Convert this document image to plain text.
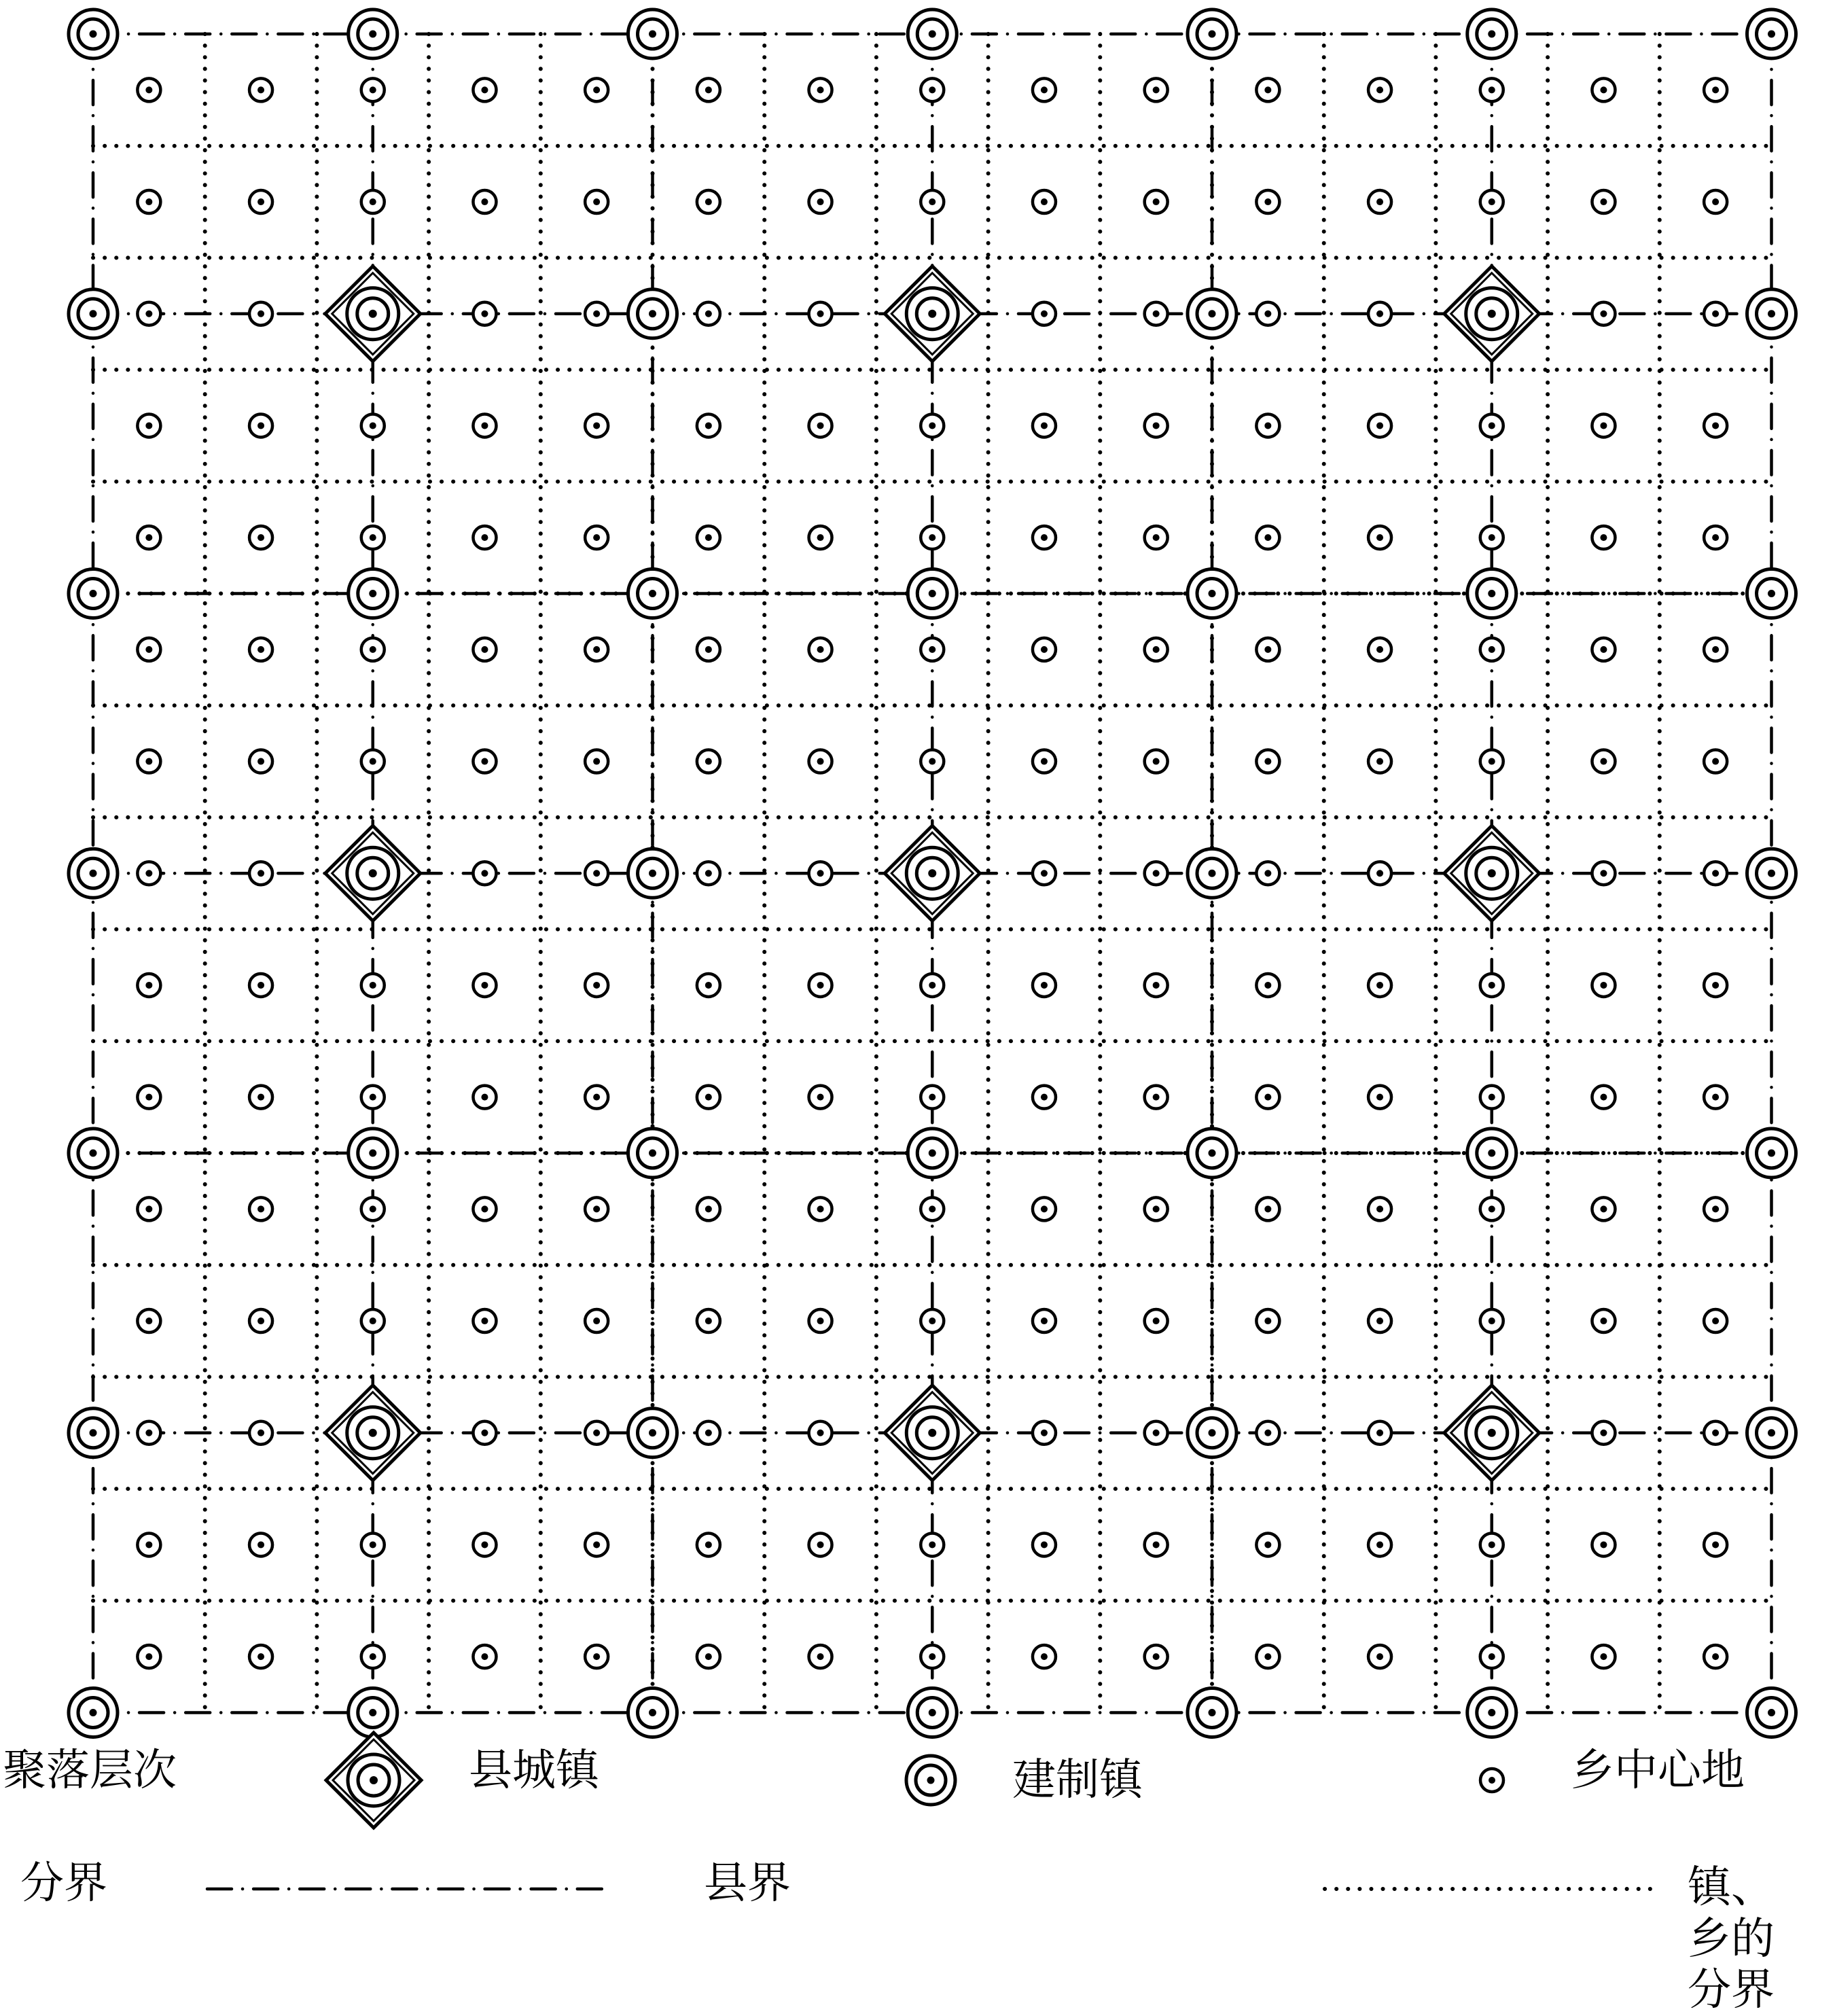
聚落层次	县城镇	建制镇	乡中心地
分界	县界	镇、乡的分界
